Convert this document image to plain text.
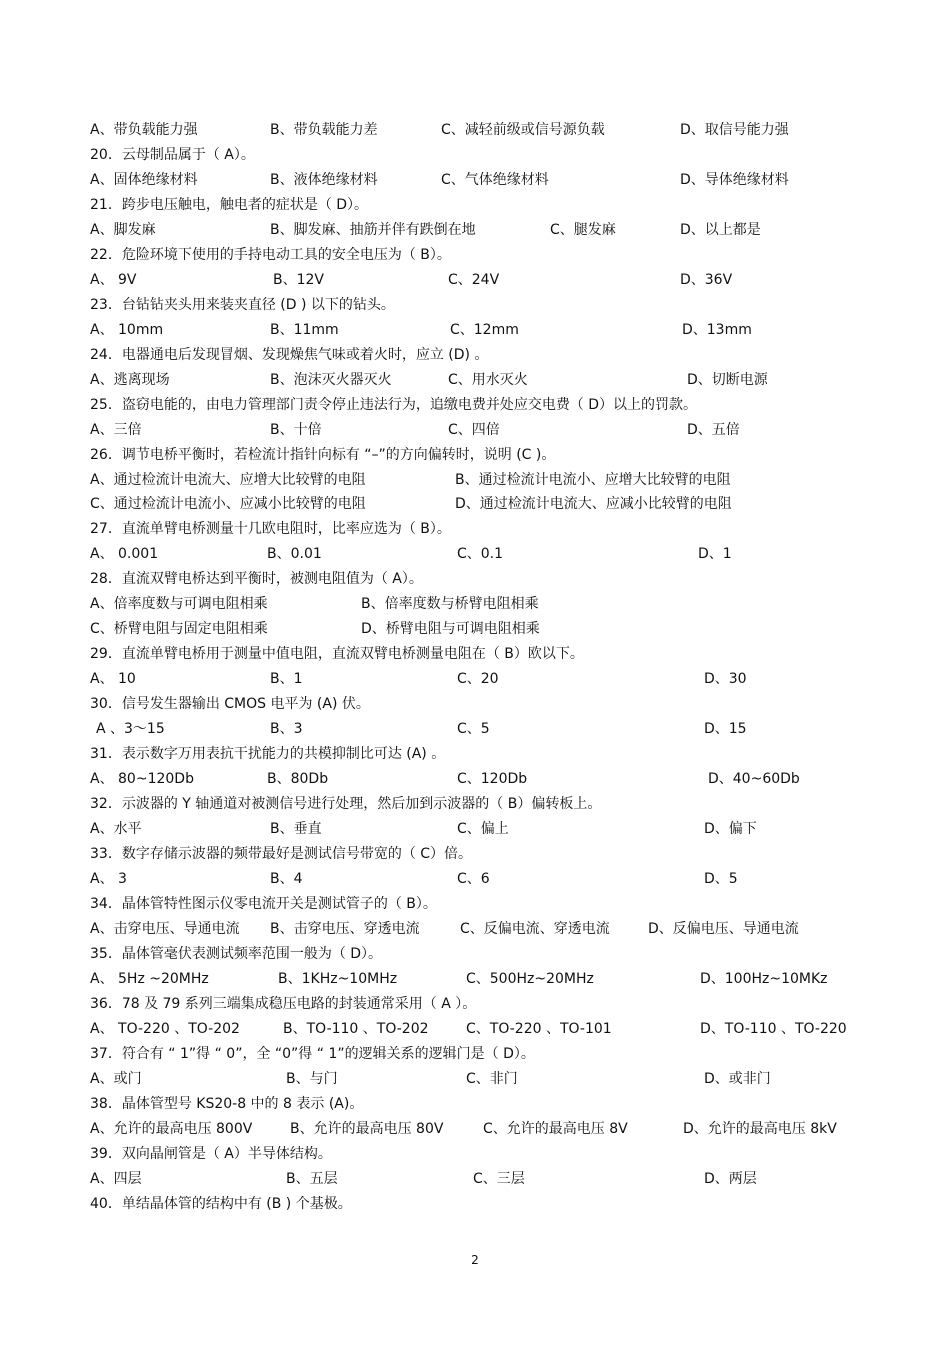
A、带负载能力强	B、带负载能力差	C、减轻前级或信号源负载	D、取信号能力强
20．云母制品属于（ A）。
A、固体绝缘材料	B、液体绝缘材料	C、气体绝缘材料	D、导体绝缘材料
21．跨步电压触电，触电者的症状是（ D）。
A、脚发麻	B、脚发麻、抽筋并伴有跌倒在地	C、腿发麻	D、以上都是
22．危险环境下使用的手持电动工具的安全电压为（ B）。
A、 9V	B、12V	C、24V	D、36V
23．台钻钻夹头用来装夹直径 (D ) 以下的钻头。
A、 10mm	B、11mm	C、12mm	D、13mm
24．电器通电后发现冒烟、发现燥焦气味或着火时，应立 (D) 。
A、逃离现场	B、泡沫灭火器灭火	C、用水灭火	D、切断电源
25．盗窃电能的，由电力管理部门责令停止违法行为，追缴电费并处应交电费（ D）以上的罚款。
A、三倍	B、十倍	C、四倍	D、五倍
26．调节电桥平衡时，若检流计指针向标有 “–”的方向偏转时，说明 (C )。
A、通过检流计电流大、应增大比较臂的电阻	B、通过检流计电流小、应增大比较臂的电阻
C、通过检流计电流小、应减小比较臂的电阻	D、通过检流计电流大、应减小比较臂的电阻
27．直流单臂电桥测量十几欧电阻时，比率应选为（ B）。
A、 0.001	B、0.01	C、0.1	D、1
28．直流双臂电桥达到平衡时，被测电阻值为（ A）。
A、倍率度数与可调电阻相乘	B、倍率度数与桥臂电阻相乘
C、桥臂电阻与固定电阻相乘	D、桥臂电阻与可调电阻相乘
29．直流单臂电桥用于测量中值电阻，直流双臂电桥测量电阻在（ B）欧以下。
A、 10	B、1	C、20	D、30
30．信号发生器输出 CMOS 电平为 (A) 伏。
A 、3～15	B、3	C、5	D、15
31．表示数字万用表抗干扰能力的共模抑制比可达 (A) 。
A、 80~120Db	B、80Db	C、120Db	D、40~60Db
32．示波器的 Y 轴通道对被测信号进行处理，然后加到示波器的（ B）偏转板上。
A、水平	B、垂直	C、偏上	D、偏下
33．数字存储示波器的频带最好是测试信号带宽的（ C）倍。
A、 3	B、4	C、6	D、5
34．晶体管特性图示仪零电流开关是测试管子的（ B）。
A、击穿电压、导通电流 B、击穿电压、穿透电流	C、反偏电流、穿透电流	D、反偏电压、导通电流
35．晶体管毫伏表测试频率范围一般为（ D）。
A、 5Hz ~20MHz	B、1KHz~10MHz	C、500Hz~20MHz	D、100Hz~10MKz
36．78 及 79 系列三端集成稳压电路的封装通常采用（ A ）。
A、 TO-220 、TO-202	B、TO-110 、TO-202	C、TO-220 、TO-101	D、TO-110 、TO-220
37．符合有 “ 1”得 “ 0”，全 “0”得 “ 1”的逻辑关系的逻辑门是（ D）。
A、或门	B、与门	C、非门	D、或非门
38．晶体管型号 KS20-8 中的 8 表示 (A)。
A、允许的最高电压 800V	B、允许的最高电压 80V	C、允许的最高电压 8V	D、允许的最高电压 8kV
39．双向晶闸管是（ A）半导体结构。
A、四层	B、五层	C、三层	D、两层
40．单结晶体管的结构中有 (B ) 个基极。
2
